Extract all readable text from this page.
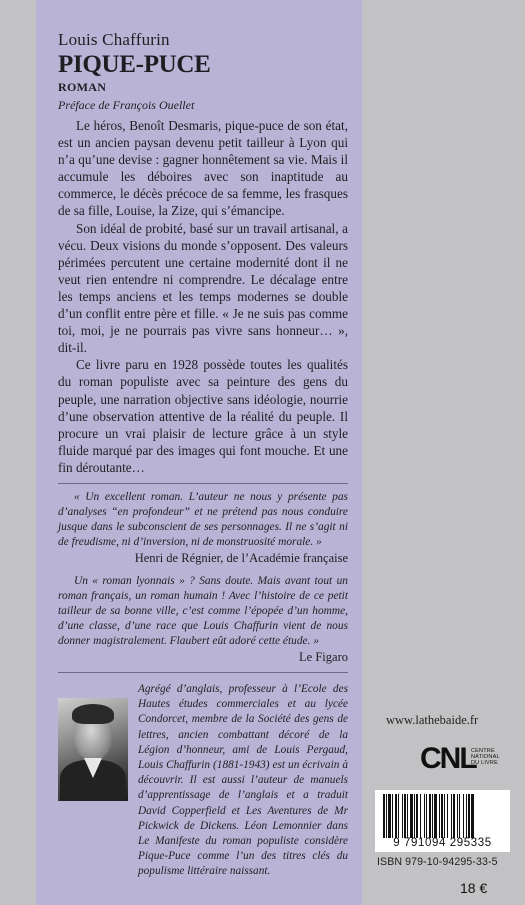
Louis Chaffurin
PIQUE-PUCE
ROMAN
Préface de François Ouellet

Le héros, Benoît Desmaris, pique-puce de son état, est un ancien paysan devenu petit tailleur à Lyon qui n’a qu’une devise : gagner honnêtement sa vie. Mais il accumule les déboires avec son inaptitude au commerce, le décès précoce de sa femme, les frasques de sa fille, Louise, la Zize, qui s’émancipe.

Son idéal de probité, basé sur un travail artisanal, a vécu. Deux visions du monde s’opposent. Des valeurs périmées percutent une certaine modernité dont il ne veut rien entendre ni comprendre. Le décalage entre les temps anciens et les temps modernes se double d’un conflit entre père et fille. « Je ne suis pas comme toi, moi, je ne pourrais pas vivre sans honneur… », dit-il.

Ce livre paru en 1928 possède toutes les qualités du roman populiste avec sa peinture des gens du peuple, une narration objective sans idéologie, nourrie d’une observation attentive de la réalité du peuple. Il procure un vrai plaisir de lecture grâce à un style fluide marqué par des images qui font mouche. Et une fin déroutante…

« Un excellent roman. L’auteur ne nous y présente pas d’analyses “en profondeur” et ne prétend pas nous conduire jusque dans le subconscient de ses personnages. Il ne s’agit ni de freudisme, ni d’inversion, ni de monstruosité morale. »
Henri de Régnier, de l’Académie française
Un « roman lyonnais » ? Sans doute. Mais avant tout un roman français, un roman humain ! Avec l’histoire de ce petit tailleur de sa bonne ville, c’est comme l’épopée d’un homme, d’une classe, d’une race que Louis Chaffurin vient de nous donner magistralement. Flaubert eût adoré cette étude. »
Le Figaro
Agrégé d’anglais, professeur à l’Ecole des Hautes études commerciales et au lycée Condorcet, membre de la Société des gens de lettres, ancien combattant décoré de la Légion d’honneur, ami de Louis Pergaud, Louis Chaffurin (1881-1943) est un écrivain à découvrir. Il est aussi l’auteur de manuels d’apprentissage de l’anglais et a traduit David Copperfield et Les Aventures de Mr Pickwick de Dickens. Léon Lemonnier dans Le Manifeste du roman populiste considère Pique-Puce comme l’un des titres clés du populisme littéraire naissant.
www.lathebaide.fr
CNL
CENTRE
NATIONAL
DU LIVRE
9 791094 295335
ISBN 979-10-94295-33-5
18 €
